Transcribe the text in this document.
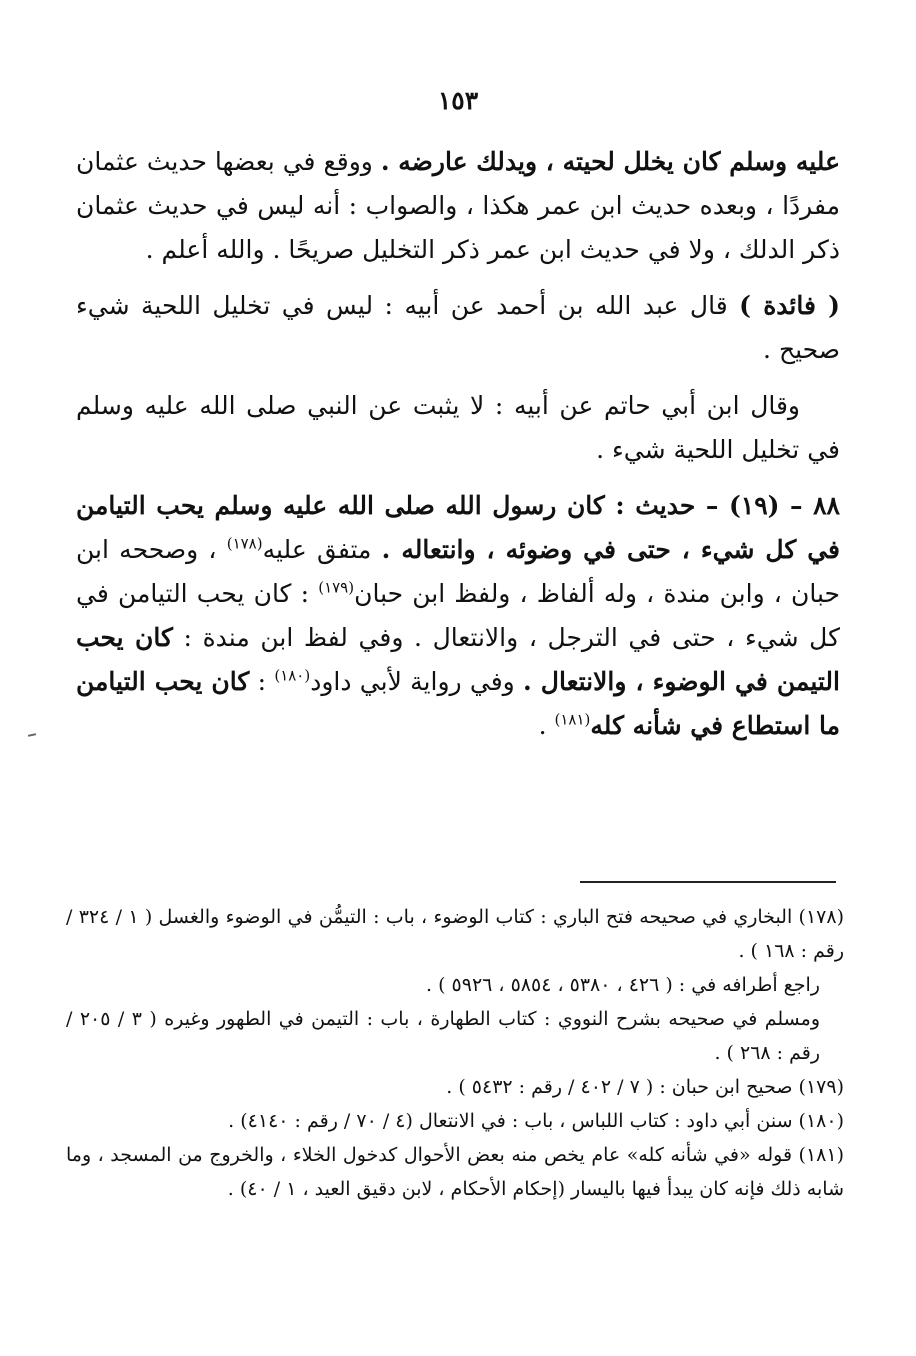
١٥٣

عليه وسلم كان يخلل لحيته ، ويدلك عارضه . ووقع في بعضها حديث عثمان مفردًا ، وبعده حديث ابن عمر هكذا ، والصواب : أنه ليس في حديث عثمان ذكر الدلك ، ولا في حديث ابن عمر ذكر التخليل صريحًا . والله أعلم .

( فائدة ) قال عبد الله بن أحمد عن أبيه : ليس في تخليل اللحية شيء صحيح .

وقال ابن أبي حاتم عن أبيه : لا يثبت عن النبي صلى الله عليه وسلم في تخليل اللحية شيء .

٨٨ – (١٩) – حديث : كان رسول الله صلى الله عليه وسلم يحب التيامن في كل شيء ، حتى في وضوئه ، وانتعاله . متفق عليه$^{(١٧٨)}$ ، وصححه ابن حبان ، وابن مندة ، وله ألفاظ ، ولفظ ابن حبان$^{(١٧٩)}$ : كان يحب التيامن في كل شيء ، حتى في الترجل ، والانتعال . وفي لفظ ابن مندة : كان يحب التيمن في الوضوء ، والانتعال . وفي رواية لأبي داود$^{(١٨٠)}$ : كان يحب التيامن ما استطاع في شأنه كله$^{(١٨١)}$ .

(١٧٨) البخاري في صحيحه فتح الباري : كتاب الوضوء ، باب : التيمُّن في الوضوء والغسل ( ١ / ٣٢٤ / رقم : ١٦٨ ) .

راجع أطرافه في : ( ٤٢٦ ، ٥٣٨٠ ، ٥٨٥٤ ، ٥٩٢٦ ) .

ومسلم في صحيحه بشرح النووي : كتاب الطهارة ، باب : التيمن في الطهور وغيره ( ٣ / ٢٠٥ / رقم : ٢٦٨ ) .

(١٧٩) صحيح ابن حبان : ( ٧ / ٤٠٢ / رقم : ٥٤٣٢ ) .

(١٨٠) سنن أبي داود : كتاب اللباس ، باب : في الانتعال (٤ / ٧٠ / رقم : ٤١٤٠) .

(١٨١) قوله «في شأنه كله» عام يخص منه بعض الأحوال كدخول الخلاء ، والخروج من المسجد ، وما شابه ذلك فإنه كان يبدأ فيها باليسار (إحكام الأحكام ، لابن دقيق العيد ، ١ / ٤٠) .
